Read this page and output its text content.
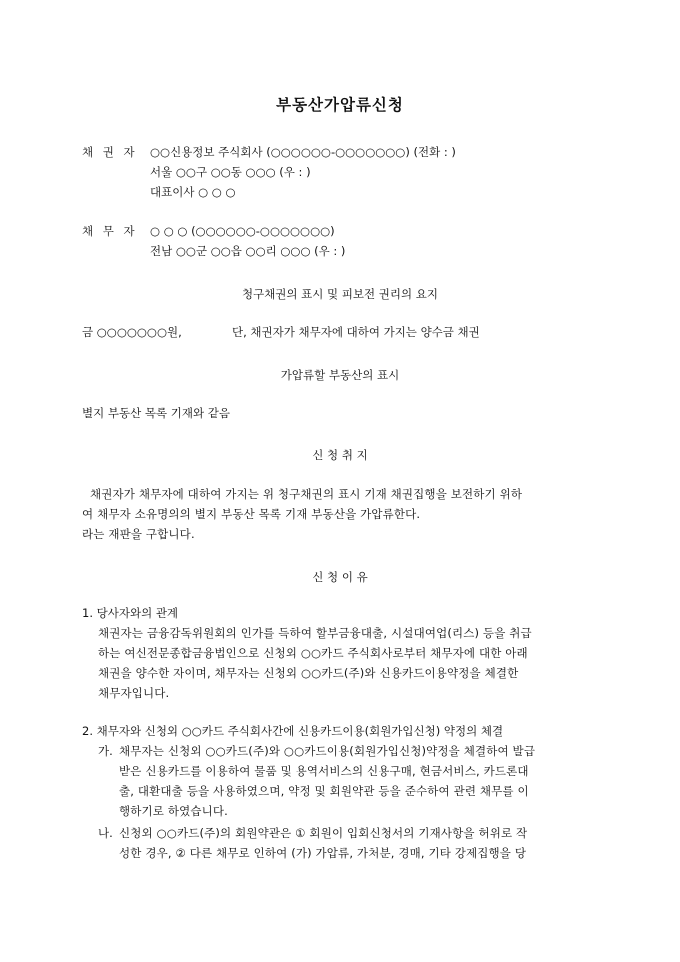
부동산가압류신청
채 권 자 ○○신용정보 주식회사 (○○○○○○-○○○○○○○) (전화 : )
서울 ○○구 ○○동 ○○○ (우 : )
대표이사 ○ ○ ○
채 무 자 ○ ○ ○ (○○○○○○-○○○○○○○)
전남 ○○군 ○○읍 ○○리 ○○○ (우 : )
청구채권의 표시 및 피보전 권리의 요지
금 ○○○○○○○원,	단, 채권자가 채무자에 대하여 가지는 양수금 채권
가압류할 부동산의 표시
별지 부동산 목록 기재와 같음
신 청 취 지
채권자가 채무자에 대하여 가지는 위 청구채권의 표시 기재 채권집행을 보전하기 위하
여 채무자 소유명의의 별지 부동산 목록 기재 부동산을 가압류한다.
라는 재판을 구합니다.
신 청 이 유
1. 당사자와의 관계
채권자는 금융감독위원회의 인가를 득하여 할부금융대출, 시설대여업(리스) 등을 취급
하는 여신전문종합금융법인으로 신청외 ○○카드 주식회사로부터 채무자에 대한 아래
채권을 양수한 자이며, 채무자는 신청외 ○○카드(주)와 신용카드이용약정을 체결한
채무자입니다.
2. 채무자와 신청외 ○○카드 주식회사간에 신용카드이용(회원가입신청) 약정의 체결
가. 채무자는 신청외 ○○카드(주)와 ○○카드이용(회원가입신청)약정을 체결하여 발급
받은 신용카드를 이용하여 물품 및 용역서비스의 신용구매, 현금서비스, 카드론대
출, 대환대출 등을 사용하였으며, 약정 및 회원약관 등을 준수하여 관련 채무를 이
행하기로 하였습니다.
나. 신청외 ○○카드(주)의 회원약관은 ① 회원이 입회신청서의 기재사항을 허위로 작
성한 경우, ② 다른 채무로 인하여 (가) 가압류, 가처분, 경매, 기타 강제집행을 당
